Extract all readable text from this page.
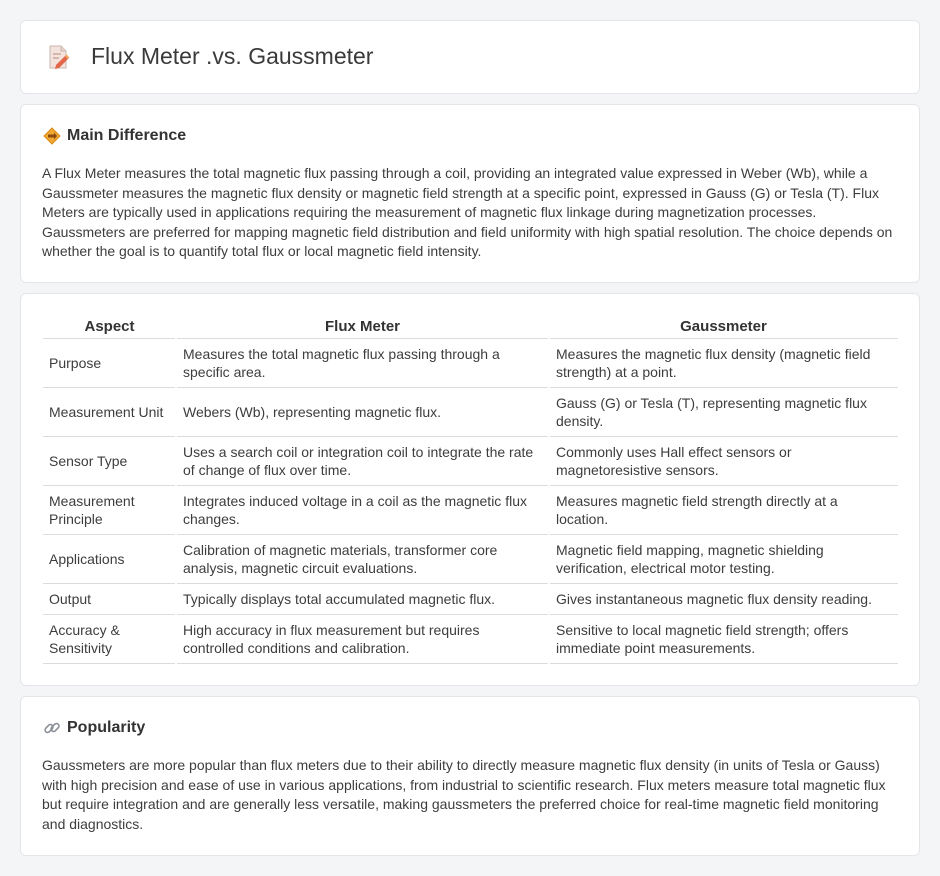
Flux Meter .vs. Gaussmeter
Main Difference

A Flux Meter measures the total magnetic flux passing through a coil, providing an integrated value expressed in Weber (Wb), while a Gaussmeter measures the magnetic flux density or magnetic field strength at a specific point, expressed in Gauss (G) or Tesla (T). Flux Meters are typically used in applications requiring the measurement of magnetic flux linkage during magnetization processes. Gaussmeters are preferred for mapping magnetic field distribution and field uniformity with high spatial resolution. The choice depends on whether the goal is to quantify total flux or local magnetic field intensity.

Aspect	Flux Meter	Gaussmeter
Purpose	Measures the total magnetic flux passing through a specific area.	Measures the magnetic flux density (magnetic field strength) at a point.
Measurement Unit	Webers (Wb), representing magnetic flux.	Gauss (G) or Tesla (T), representing magnetic flux density.
Sensor Type	Uses a search coil or integration coil to integrate the rate of change of flux over time.	Commonly uses Hall effect sensors or magnetoresistive sensors.
Measurement Principle	Integrates induced voltage in a coil as the magnetic flux changes.	Measures magnetic field strength directly at a location.
Applications	Calibration of magnetic materials, transformer core analysis, magnetic circuit evaluations.	Magnetic field mapping, magnetic shielding verification, electrical motor testing.
Output	Typically displays total accumulated magnetic flux.	Gives instantaneous magnetic flux density reading.
Accuracy & Sensitivity	High accuracy in flux measurement but requires controlled conditions and calibration.	Sensitive to local magnetic field strength; offers immediate point measurements.
Popularity

Gaussmeters are more popular than flux meters due to their ability to directly measure magnetic flux density (in units of Tesla or Gauss) with high precision and ease of use in various applications, from industrial to scientific research. Flux meters measure total magnetic flux but require integration and are generally less versatile, making gaussmeters the preferred choice for real-time magnetic field monitoring and diagnostics.
